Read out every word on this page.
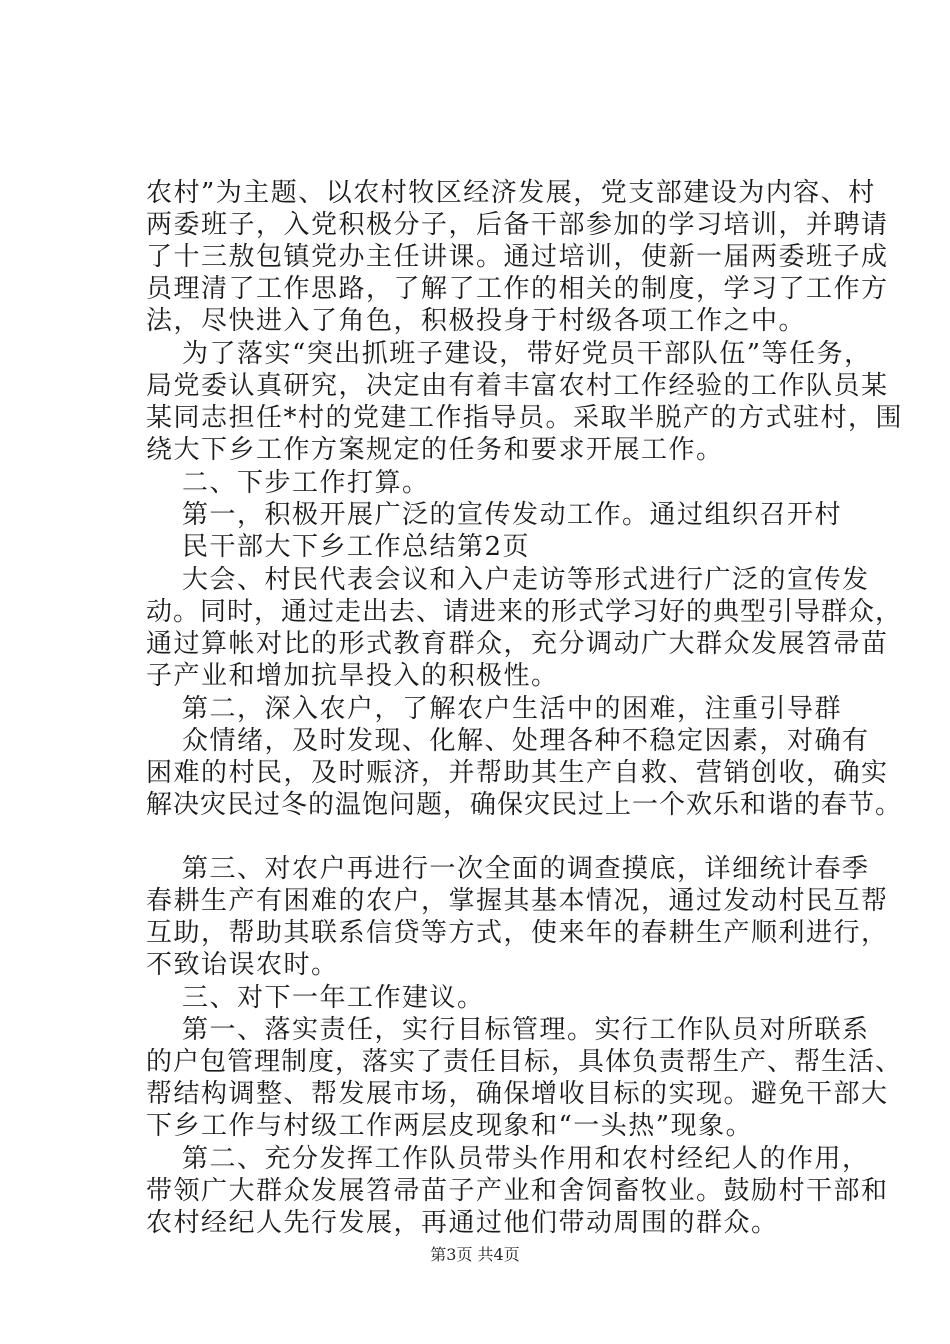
农村”为主题、以农村牧区经济发展，党支部建设为内容、村
两委班子，入党积极分子，后备干部参加的学习培训，并聘请
了十三敖包镇党办主任讲课。通过培训，使新一届两委班子成
员理清了工作思路，了解了工作的相关的制度，学习了工作方
法，尽快进入了角色，积极投身于村级各项工作之中。
为了落实“突出抓班子建设，带好党员干部队伍”等任务，
局党委认真研究，决定由有着丰富农村工作经验的工作队员某
某同志担任*村的党建工作指导员。采取半脱产的方式驻村，围
绕大下乡工作方案规定的任务和要求开展工作。
二、下步工作打算。
第一，积极开展广泛的宣传发动工作。通过组织召开村
民干部大下乡工作总结第2页
大会、村民代表会议和入户走访等形式进行广泛的宣传发
动。同时，通过走出去、请进来的形式学习好的典型引导群众，
通过算帐对比的形式教育群众，充分调动广大群众发展笤帚苗
子产业和增加抗旱投入的积极性。
第二，深入农户，了解农户生活中的困难，注重引导群
众情绪，及时发现、化解、处理各种不稳定因素，对确有
困难的村民，及时赈济，并帮助其生产自救、营销创收，确实
解决灾民过冬的温饱问题，确保灾民过上一个欢乐和谐的春节。
第三、对农户再进行一次全面的调查摸底，详细统计春季
春耕生产有困难的农户，掌握其基本情况，通过发动村民互帮
互助，帮助其联系信贷等方式，使来年的春耕生产顺利进行，
不致诒误农时。
三、对下一年工作建议。
第一、落实责任，实行目标管理。实行工作队员对所联系
的户包管理制度，落实了责任目标，具体负责帮生产、帮生活、
帮结构调整、帮发展市场，确保增收目标的实现。避免干部大
下乡工作与村级工作两层皮现象和“一头热”现象。
第二、充分发挥工作队员带头作用和农村经纪人的作用，
带领广大群众发展笤帚苗子产业和舍饲畜牧业。鼓励村干部和
农村经纪人先行发展，再通过他们带动周围的群众。
第3页 共4页
